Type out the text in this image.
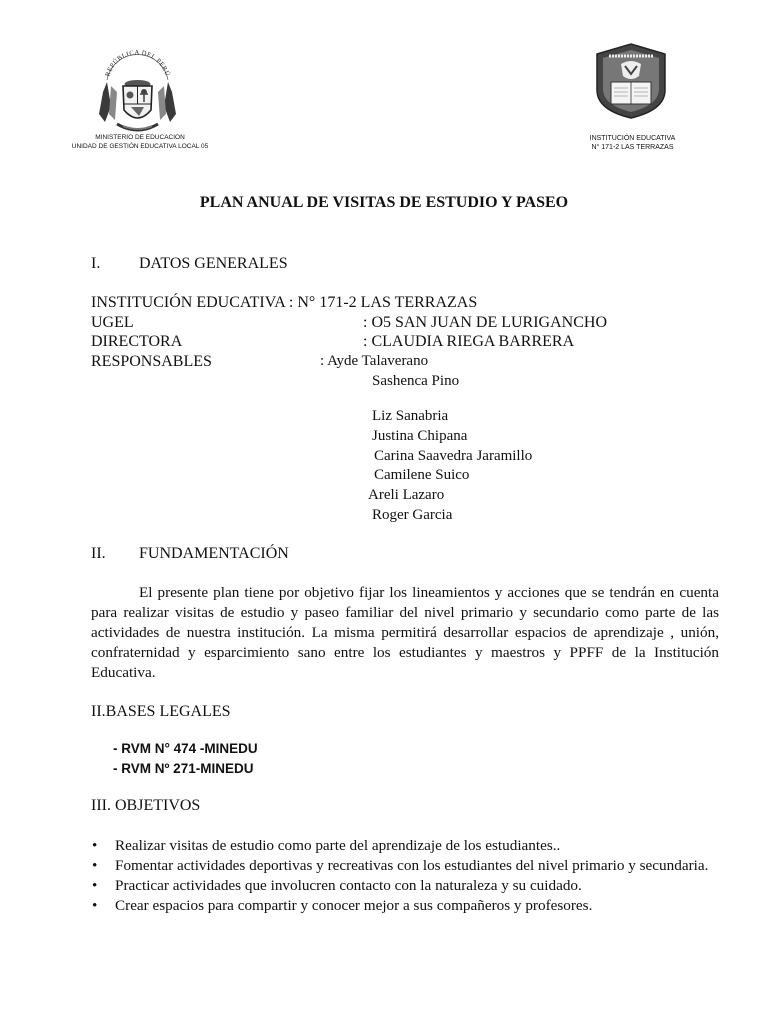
REPÚBLICA DEL PERÚ
MINISTERIO DE EDUCACION
UNIDAD DE GESTIÓN EDUCATIVA LOCAL 05
INSTITUCIÓN EDUCATIVA
N° 171-2 LAS TERRAZAS
PLAN ANUAL DE VISITAS DE ESTUDIO Y PASEO
I. DATOS GENERALES
INSTITUCIÓN EDUCATIVA : N° 171-2 LAS TERRAZAS
UGEL	: O5 SAN JUAN DE LURIGANCHO
DIRECTORA	: CLAUDIA RIEGA BARRERA
RESPONSABLES	: Ayde Talaverano
Sashenca Pino
Liz Sanabria
Justina Chipana
Carina Saavedra Jaramillo
Camilene Suico
Areli Lazaro
Roger Garcia
II. FUNDAMENTACIÓN
El presente plan tiene por objetivo fijar los lineamientos y acciones que se tendrán en cuenta para realizar visitas de estudio y paseo familiar del nivel primario y secundario como parte de las actividades de nuestra institución. La misma permitirá desarrollar espacios de aprendizaje , unión, confraternidad y esparcimiento sano entre los estudiantes y maestros y PPFF de la Institución Educativa.
II.BASES LEGALES
- RVM N° 474 -MINEDU
- RVM Nº 271-MINEDU
III. OBJETIVOS
• Realizar visitas de estudio como parte del aprendizaje de los estudiantes..
• Fomentar actividades deportivas y recreativas con los estudiantes del nivel primario y secundaria.
• Practicar actividades que involucren contacto con la naturaleza y su cuidado.
• Crear espacios para compartir y conocer mejor a sus compañeros y profesores.
